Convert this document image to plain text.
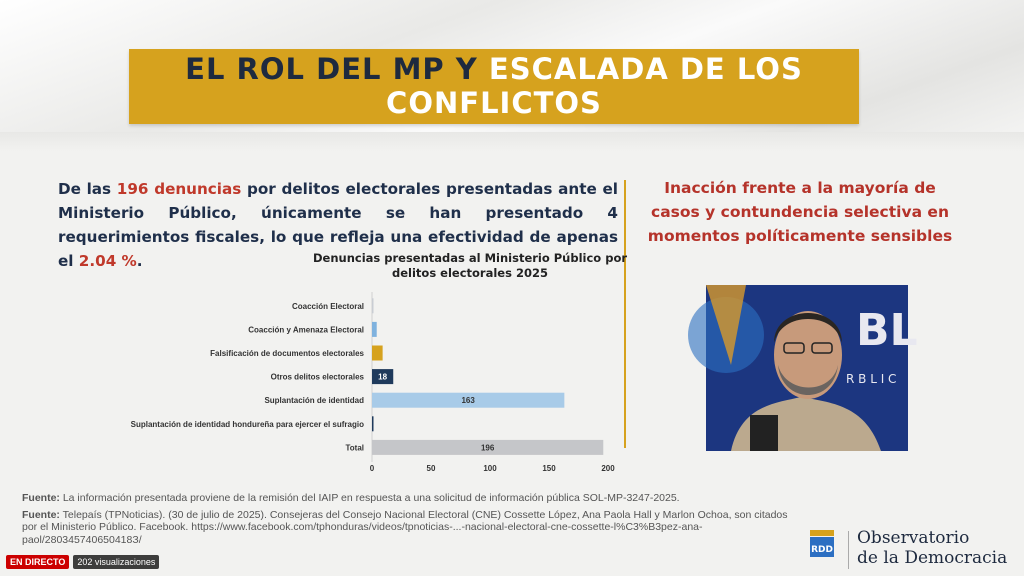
EL ROL DEL MP Y ESCALADA DE LOS
CONFLICTOS
De las 196 denuncias por delitos electorales presentadas ante el Ministerio Público, únicamente se han presentado 4 requerimientos fiscales, lo que refleja una efectividad de apenas el 2.04 %.
Inacción frente a la mayoría de casos y contundencia selectiva en momentos políticamente sensibles
BL
R B L I C
Denuncias presentadas al Ministerio Público por delitos electorales 2025
Coacción Electoral
Coacción y Amenaza Electoral
Falsificación de documentos electorales
Otros delitos electorales
Suplantación de identidad
Suplantación de identidad hondureña para ejercer el sufragio
Total
18
163
196
0	50	100	150	200

Fuente: La información presentada proviene de la remisión del IAIP en respuesta a una solicitud de información pública SOL-MP-3247-2025.

Fuente: Telepaís (TPNoticias). (30 de julio de 2025). Consejeras del Consejo Nacional Electoral (CNE) Cossette López, Ana Paola Hall y Marlon Ochoa, son citados por el Ministerio Público. Facebook. https://www.facebook.com/tphonduras/videos/tpnoticias-...-nacional-electoral-cne-cossette-l%C3%B3pez-ana-paol/280345740650418З/

RDD
Observatorio
de la Democracia
EN DIRECTO	202 visualizaciones
